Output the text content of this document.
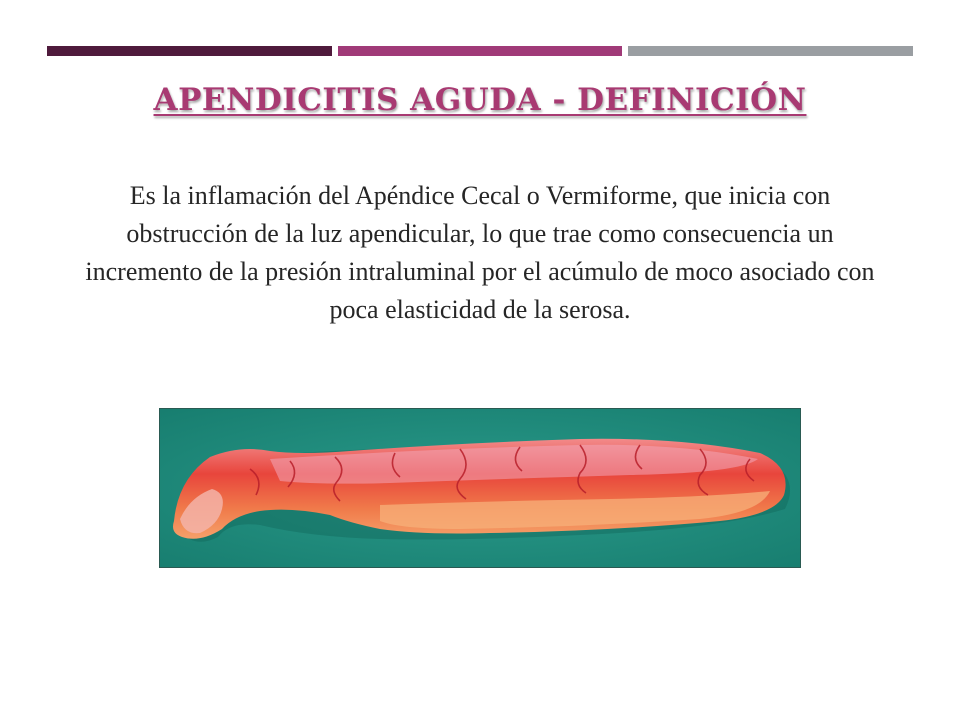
APENDICITIS AGUDA - DEFINICIÓN
Es la inflamación del Apéndice Cecal o Vermiforme, que inicia con obstrucción de la luz apendicular, lo que trae como consecuencia un incremento de la presión intraluminal por el acúmulo de moco asociado con poca elasticidad de la serosa.
